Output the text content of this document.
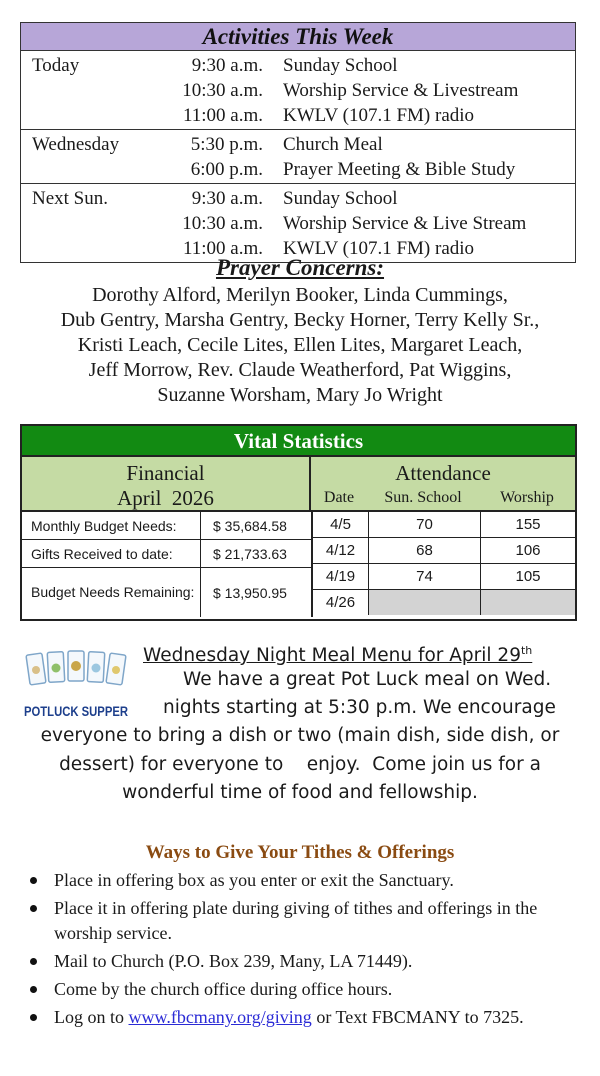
Activities This Week
Today	9:30 a.m.	Sunday School
10:30 a.m.	Worship Service & Livestream
11:00 a.m.	KWLV (107.1 FM) radio
Wednesday	5:30 p.m.	Church Meal
6:00 p.m.	Prayer Meeting & Bible Study
Next Sun.	9:30 a.m.	Sunday School
10:30 a.m.	Worship Service & Live Stream
11:00 a.m.	KWLV (107.1 FM) radio
Prayer Concerns:
Dorothy Alford, Merilyn Booker, Linda Cummings,
Dub Gentry, Marsha Gentry, Becky Horner, Terry Kelly Sr.,
Kristi Leach, Cecile Lites, Ellen Lites, Margaret Leach,
Jeff Morrow, Rev. Claude Weatherford, Pat Wiggins,
Suzanne Worsham, Mary Jo Wright
Vital Statistics
Financial
April  2026
Attendance
Date	Sun. School	Worship
Monthly Budget Needs:	$ 35,684.58
Gifts Received to date:	$ 21,733.63
Budget Needs Remaining:	$ 13,950.95
4/5	70	155
4/12	68	106
4/19	74	105
4/26
POTLUCK SUPPER
Wednesday Night Meal Menu for April 29th
We have a great Pot Luck meal on Wed.
nights starting at 5:30 p.m. We encourage
everyone to bring a dish or two (main dish, side dish, or
dessert) for everyone to    enjoy.  Come join us for a
wonderful time of food and fellowship.
Ways to Give Your Tithes & Offerings
Place in offering box as you enter or exit the Sanctuary.
Place it in offering plate during giving of tithes and offerings in the worship service.
Mail to Church (P.O. Box 239, Many, LA 71449).
Come by the church office during office hours.
Log on to www.fbcmany.org/giving or Text FBCMANY to 7325.
